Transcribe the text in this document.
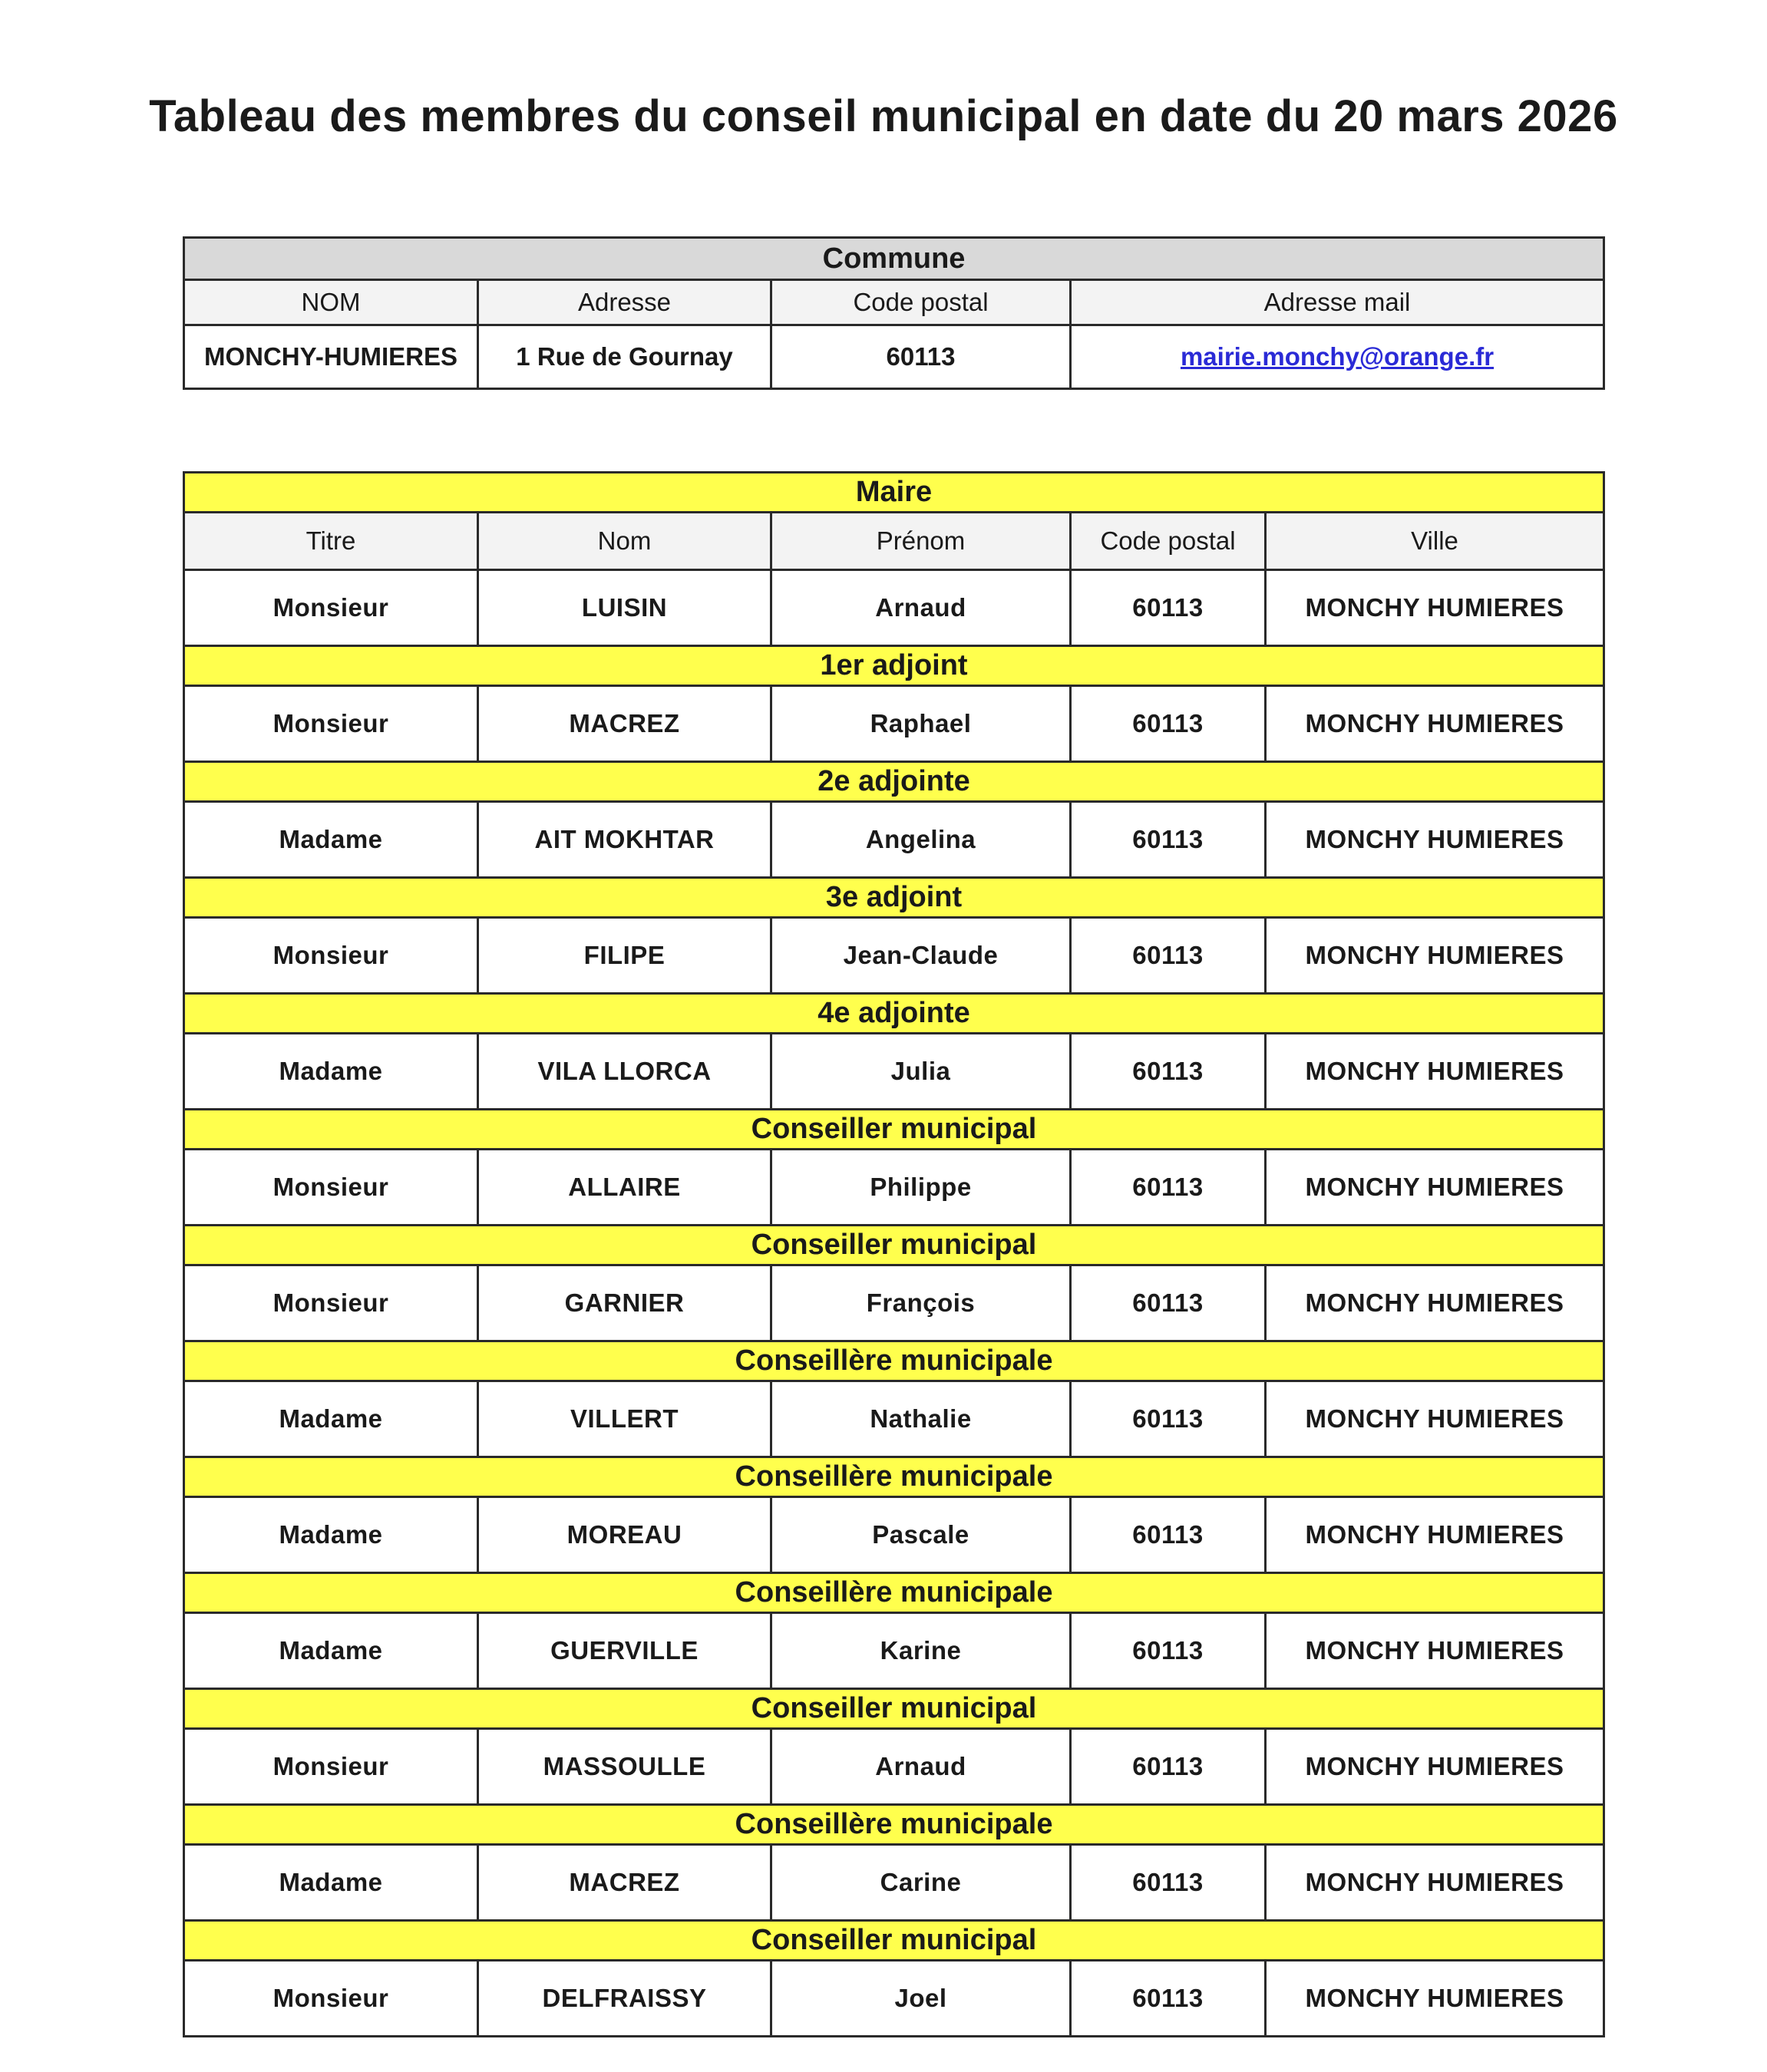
Tableau des membres du conseil municipal en date du 20 mars 2026
Commune			
NOM	Adresse	Code postal	Adresse mail
MONCHY-HUMIERES	1 Rue de Gournay	60113	mairie.monchy@orange.fr
Maire				
Titre	Nom	Prénom	Code postal	Ville
Monsieur	LUISIN	Arnaud	60113	MONCHY HUMIERES
1er adjoint				
Monsieur	MACREZ	Raphael	60113	MONCHY HUMIERES
2e adjointe				
Madame	AIT MOKHTAR	Angelina	60113	MONCHY HUMIERES
3e adjoint				
Monsieur	FILIPE	Jean-Claude	60113	MONCHY HUMIERES
4e adjointe				
Madame	VILA LLORCA	Julia	60113	MONCHY HUMIERES
Conseiller municipal				
Monsieur	ALLAIRE	Philippe	60113	MONCHY HUMIERES
Conseiller municipal				
Monsieur	GARNIER	François	60113	MONCHY HUMIERES
Conseillère municipale				
Madame	VILLERT	Nathalie	60113	MONCHY HUMIERES
Conseillère municipale				
Madame	MOREAU	Pascale	60113	MONCHY HUMIERES
Conseillère municipale				
Madame	GUERVILLE	Karine	60113	MONCHY HUMIERES
Conseiller municipal				
Monsieur	MASSOULLE	Arnaud	60113	MONCHY HUMIERES
Conseillère municipale				
Madame	MACREZ	Carine	60113	MONCHY HUMIERES
Conseiller municipal				
Monsieur	DELFRAISSY	Joel	60113	MONCHY HUMIERES
